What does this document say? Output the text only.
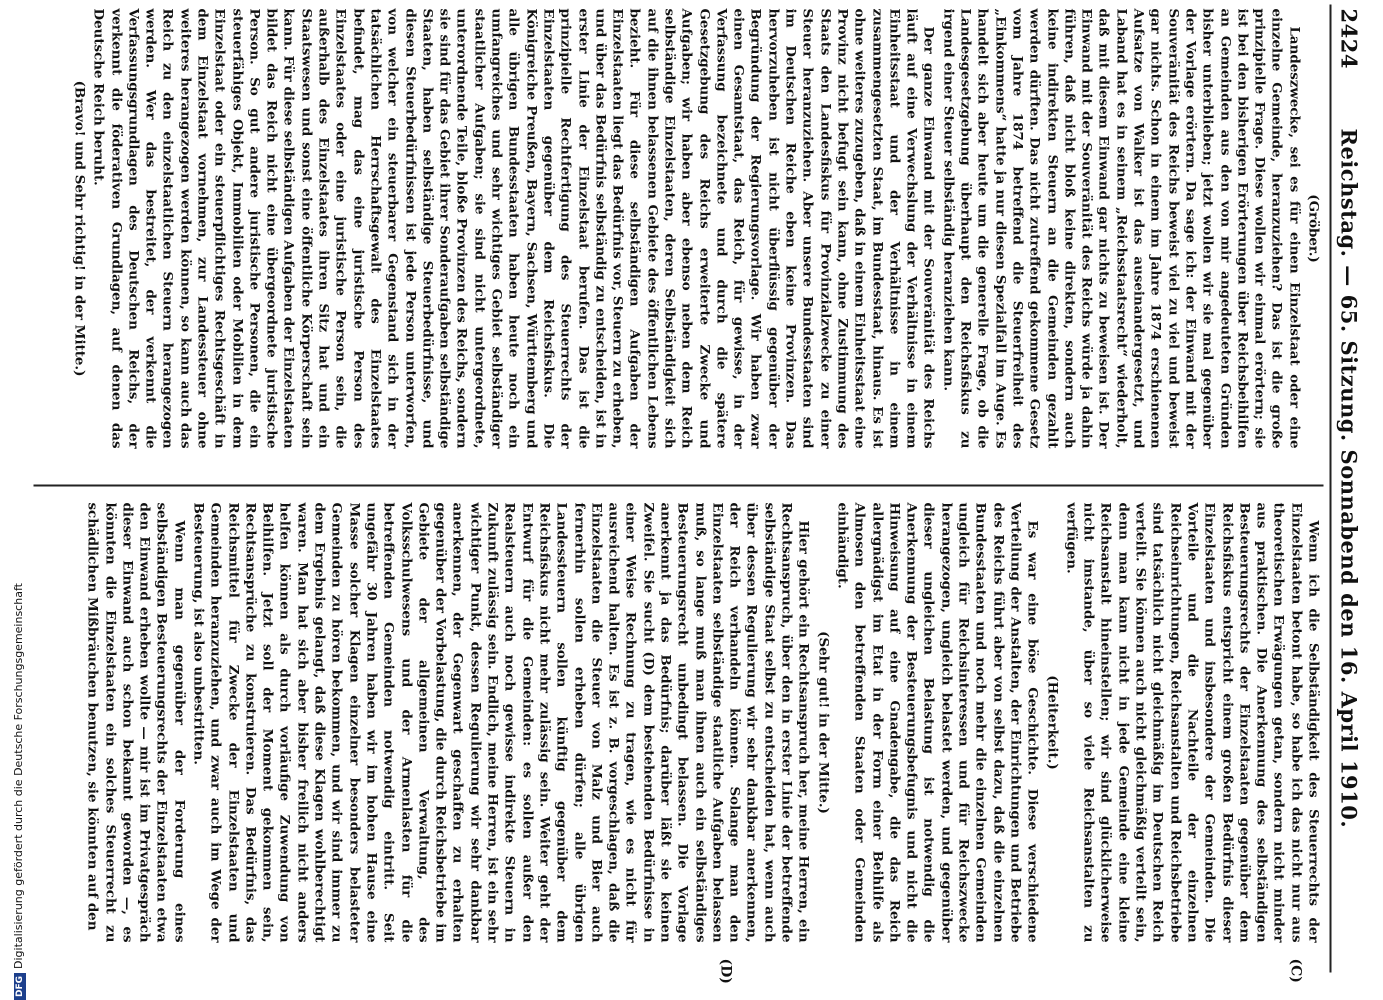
2424
Reichstag. — 65. Sitzung. Sonnabend den 16. April 1910.
(C)
(D)

(Gröber.)

Landeszwecke, sei es für einen Einzelstaat oder eine einzelne Gemeinde, heranzuziehen? Das ist die große prinzipielle Frage. Diese wollen wir einmal erörtern; sie ist bei den bisherigen Erörterungen über Reichsbeihilfen an Gemeinden aus den von mir angedeuteten Gründen bisher unterblieben; jetzt wollen wir sie mal gegenüber der Vorlage erörtern. Da sage ich: der Einwand mit der Souveränität des Reichs beweist viel zu viel und beweist gar nichts. Schon in einem im Jahre 1874 erschienenen Aufsatze von Walker ist das auseinandergesetzt, und Laband hat es in seinem „Reichsstaatsrecht“ wiederholt, daß mit diesem Einwand gar nichts zu beweisen ist. Der Einwand mit der Souveränität des Reichs würde ja dahin führen, daß nicht bloß keine direkten, sondern auch keine indirekten Steuern an die Gemeinden gezahlt werden dürften. Das nicht zutreffend gekommene Gesetz vom Jahre 1874 betreffend die Steuerfreiheit des „Einkommens“ hatte ja nur diesen Spezialfall im Auge. Es handelt sich aber heute um die generelle Frage, ob die Landesgesetzgebung überhaupt den Reichsfiskus zu irgend einer Steuer selbständig heranziehen kann.

Der ganze Einwand mit der Souveränität des Reichs läuft auf eine Verwechslung der Verhältnisse in einem Einheitsstaat und der Verhältnisse in einem zusammengesetzten Staat, im Bundesstaat, hinaus. Es ist ohne weiteres zuzugeben, daß in einem Einheitsstaat eine Provinz nicht befugt sein kann, ohne Zustimmung des Staats den Landesfiskus für Provinzialzwecke zu einer Steuer heranzuziehen. Aber unsere Bundesstaaten sind im Deutschen Reiche eben keine Provinzen. Das hervorzuheben ist nicht überflüssig gegenüber der Begründung der Regierungsvorlage. Wir haben zwar einen Gesamtstaat, das Reich, für gewisse, in der Verfassung bezeichnete und durch die spätere Gesetzgebung des Reichs erweiterte Zwecke und Aufgaben; wir haben aber ebenso neben dem Reich selbständige Einzelstaaten, deren Selbständigkeit sich auf die ihnen belassenen Gebiete des öffentlichen Lebens bezieht. Für diese selbständigen Aufgaben der Einzelstaaten liegt das Bedürfnis vor, Steuern zu erheben, und über das Bedürfnis selbständig zu entscheiden, ist in erster Linie der Einzelstaat berufen. Das ist die prinzipielle Rechtfertigung des Steuerrechts der Einzelstaaten gegenüber dem Reichsfiskus. Die Königreiche Preußen, Bayern, Sachsen, Württemberg und alle übrigen Bundesstaaten haben heute noch ein umfangreiches und sehr wichtiges Gebiet selbständiger staatlicher Aufgaben; sie sind nicht untergeordnete, unterordnende Teile, bloße Provinzen des Reichs, sondern sie sind für das Gebiet ihrer Sonderaufgaben selbständige Staaten, haben selbständige Steuerbedürfnisse, und diesen Steuerbedürfnissen ist jede Person unterworfen, von welcher ein steuerbarer Gegenstand sich in der tatsächlichen Herrschaftsgewalt des Einzelstaates befindet, mag das eine juristische Person des Einzelstaates oder eine juristische Person sein, die außerhalb des Einzelstaates ihren Sitz hat und ein Staatswesen und sonst eine öffentliche Körperschaft sein kann. Für diese selbständigen Aufgaben der Einzelstaaten bildet das Reich nicht eine übergeordnete juristische Person. So gut andere juristische Personen, die ein steuerfähiges Objekt, Immobilien oder Mobilien in dem Einzelstaat oder ein steuerpflichtiges Rechtsgeschäft in dem Einzelstaat vornehmen, zur Landessteuer ohne weiteres herangezogen werden können, so kann auch das Reich zu den einzelstaatlichen Steuern herangezogen werden. Wer das bestreitet, der verkennt die Verfassungsgrundlagen des Deutschen Reichs, der verkennt die föderativen Grundlagen, auf denen das Deutsche Reich beruht.

(Bravo! und Sehr richtig! in der Mitte.)

Wenn ich die Selbständigkeit des Steuerrechts der Einzelstaaten betont habe, so habe ich das nicht nur aus theoretischen Erwägungen getan, sondern nicht minder aus praktischen. Die Anerkennung des selbständigen Besteuerungsrechts der Einzelstaaten gegenüber dem Reichsfiskus entspricht einem großen Bedürfnis dieser Einzelstaaten und insbesondere der Gemeinden. Die Vorteile und die Nachteile der einzelnen Reichseinrichtungen, Reichsanstalten und Reichsbetriebe sind tatsächlich nicht gleichmäßig im Deutschen Reich verteilt. Sie können auch nicht gleichmäßig verteilt sein, denn man kann nicht in jede Gemeinde eine kleine Reichsanstalt hineinstellen; wir sind glücklicherweise nicht imstande, über so viele Reichsanstalten zu verfügen.

(Heiterkeit.)

Es war eine böse Geschichte. Diese verschiedene Verteilung der Anstalten, der Einrichtungen und Betriebe des Reichs führt aber von selbst dazu, daß die einzelnen Bundesstaaten und noch mehr die einzelnen Gemeinden ungleich für Reichsinteressen und für Reichszwecke herangezogen, ungleich belastet werden, und gegenüber dieser ungleichen Belastung ist notwendig die Anerkennung der Besteuerungsbefugnis und nicht die Hinweisung auf eine Gnadengabe, die das Reich allergnädigst im Etat in der Form einer Beihilfe als Almosen den betreffenden Staaten oder Gemeinden einhändigt.

(Sehr gut! in der Mitte.)

Hier gehört ein Rechtsanspruch her, meine Herren, ein Rechtsanspruch, über den in erster Linie der betreffende selbständige Staat selbst zu entscheiden hat, wenn auch über dessen Regulierung wir sehr dankbar anerkennen, der Reich verhandeln können. Solange man den Einzelstaaten selbständige staatliche Aufgaben belassen muß, so lange muß man ihnen auch ein selbständiges Besteuerungsrecht unbedingt belassen. Die Vorlage anerkennt ja das Bedürfnis; darüber läßt sie keinen Zweifel. Sie sucht (D) dem bestehenden Bedürfnisse in einer Weise Rechnung zu tragen, wie es nicht für ausreichend halten. Es ist z. B. vorgeschlagen, daß die Einzelstaaten die Steuer von Malz und Bier auch fernerhin sollen erheben dürfen; alle übrigen Landessteuern sollen künftig gegenüber dem Reichsfiskus nicht mehr zulässig sein. Weiter geht der Entwurf für die Gemeinden: es sollen außer den Realsteuern auch noch gewisse indirekte Steuern in Zukunft zulässig sein. Endlich, meine Herren, ist ein sehr wichtiger Punkt, dessen Regulierung wir sehr dankbar anerkennen, der Gegenwart geschaffen zu erhalten gegenüber der Vorbelastung, die durch Reichsbetriebe im Gebiete der allgemeinen Verwaltung, des Volksschulwesens und der Armenlasten für die betreffenden Gemeinden notwendig eintritt. Seit ungefähr 30 Jahren haben wir im hohen Hause eine Masse solcher Klagen einzelner besonders belasteter Gemeinden zu hören bekommen, und wir sind immer zu dem Ergebnis gelangt, daß diese Klagen wohlberechtigt waren. Man hat sich aber bisher freilich nicht anders helfen können als durch vorläufige Zuwendung von Beihilfen. Jetzt soll der Moment gekommen sein, Rechtsansprüche zu konstruieren. Das Bedürfnis, das Reichsmittel für Zwecke der Einzelstaaten und Gemeinden heranzuziehen, und zwar auch im Wege der Besteuerung, ist also unbestritten.

Wenn man gegenüber der Forderung eines selbständigen Besteuerungsrechts der Einzelstaaten etwa den Einwand erheben wollte — mir ist im Privatgespräch dieser Einwand auch schon bekannt geworden —, es könnten die Einzelstaaten ein solches Steuerrecht zu schädlichen Mißbräuchen benutzen, sie könnten auf den

DFGDigitalisierung gefördert durch die Deutsche Forschungsgemeinschaft
